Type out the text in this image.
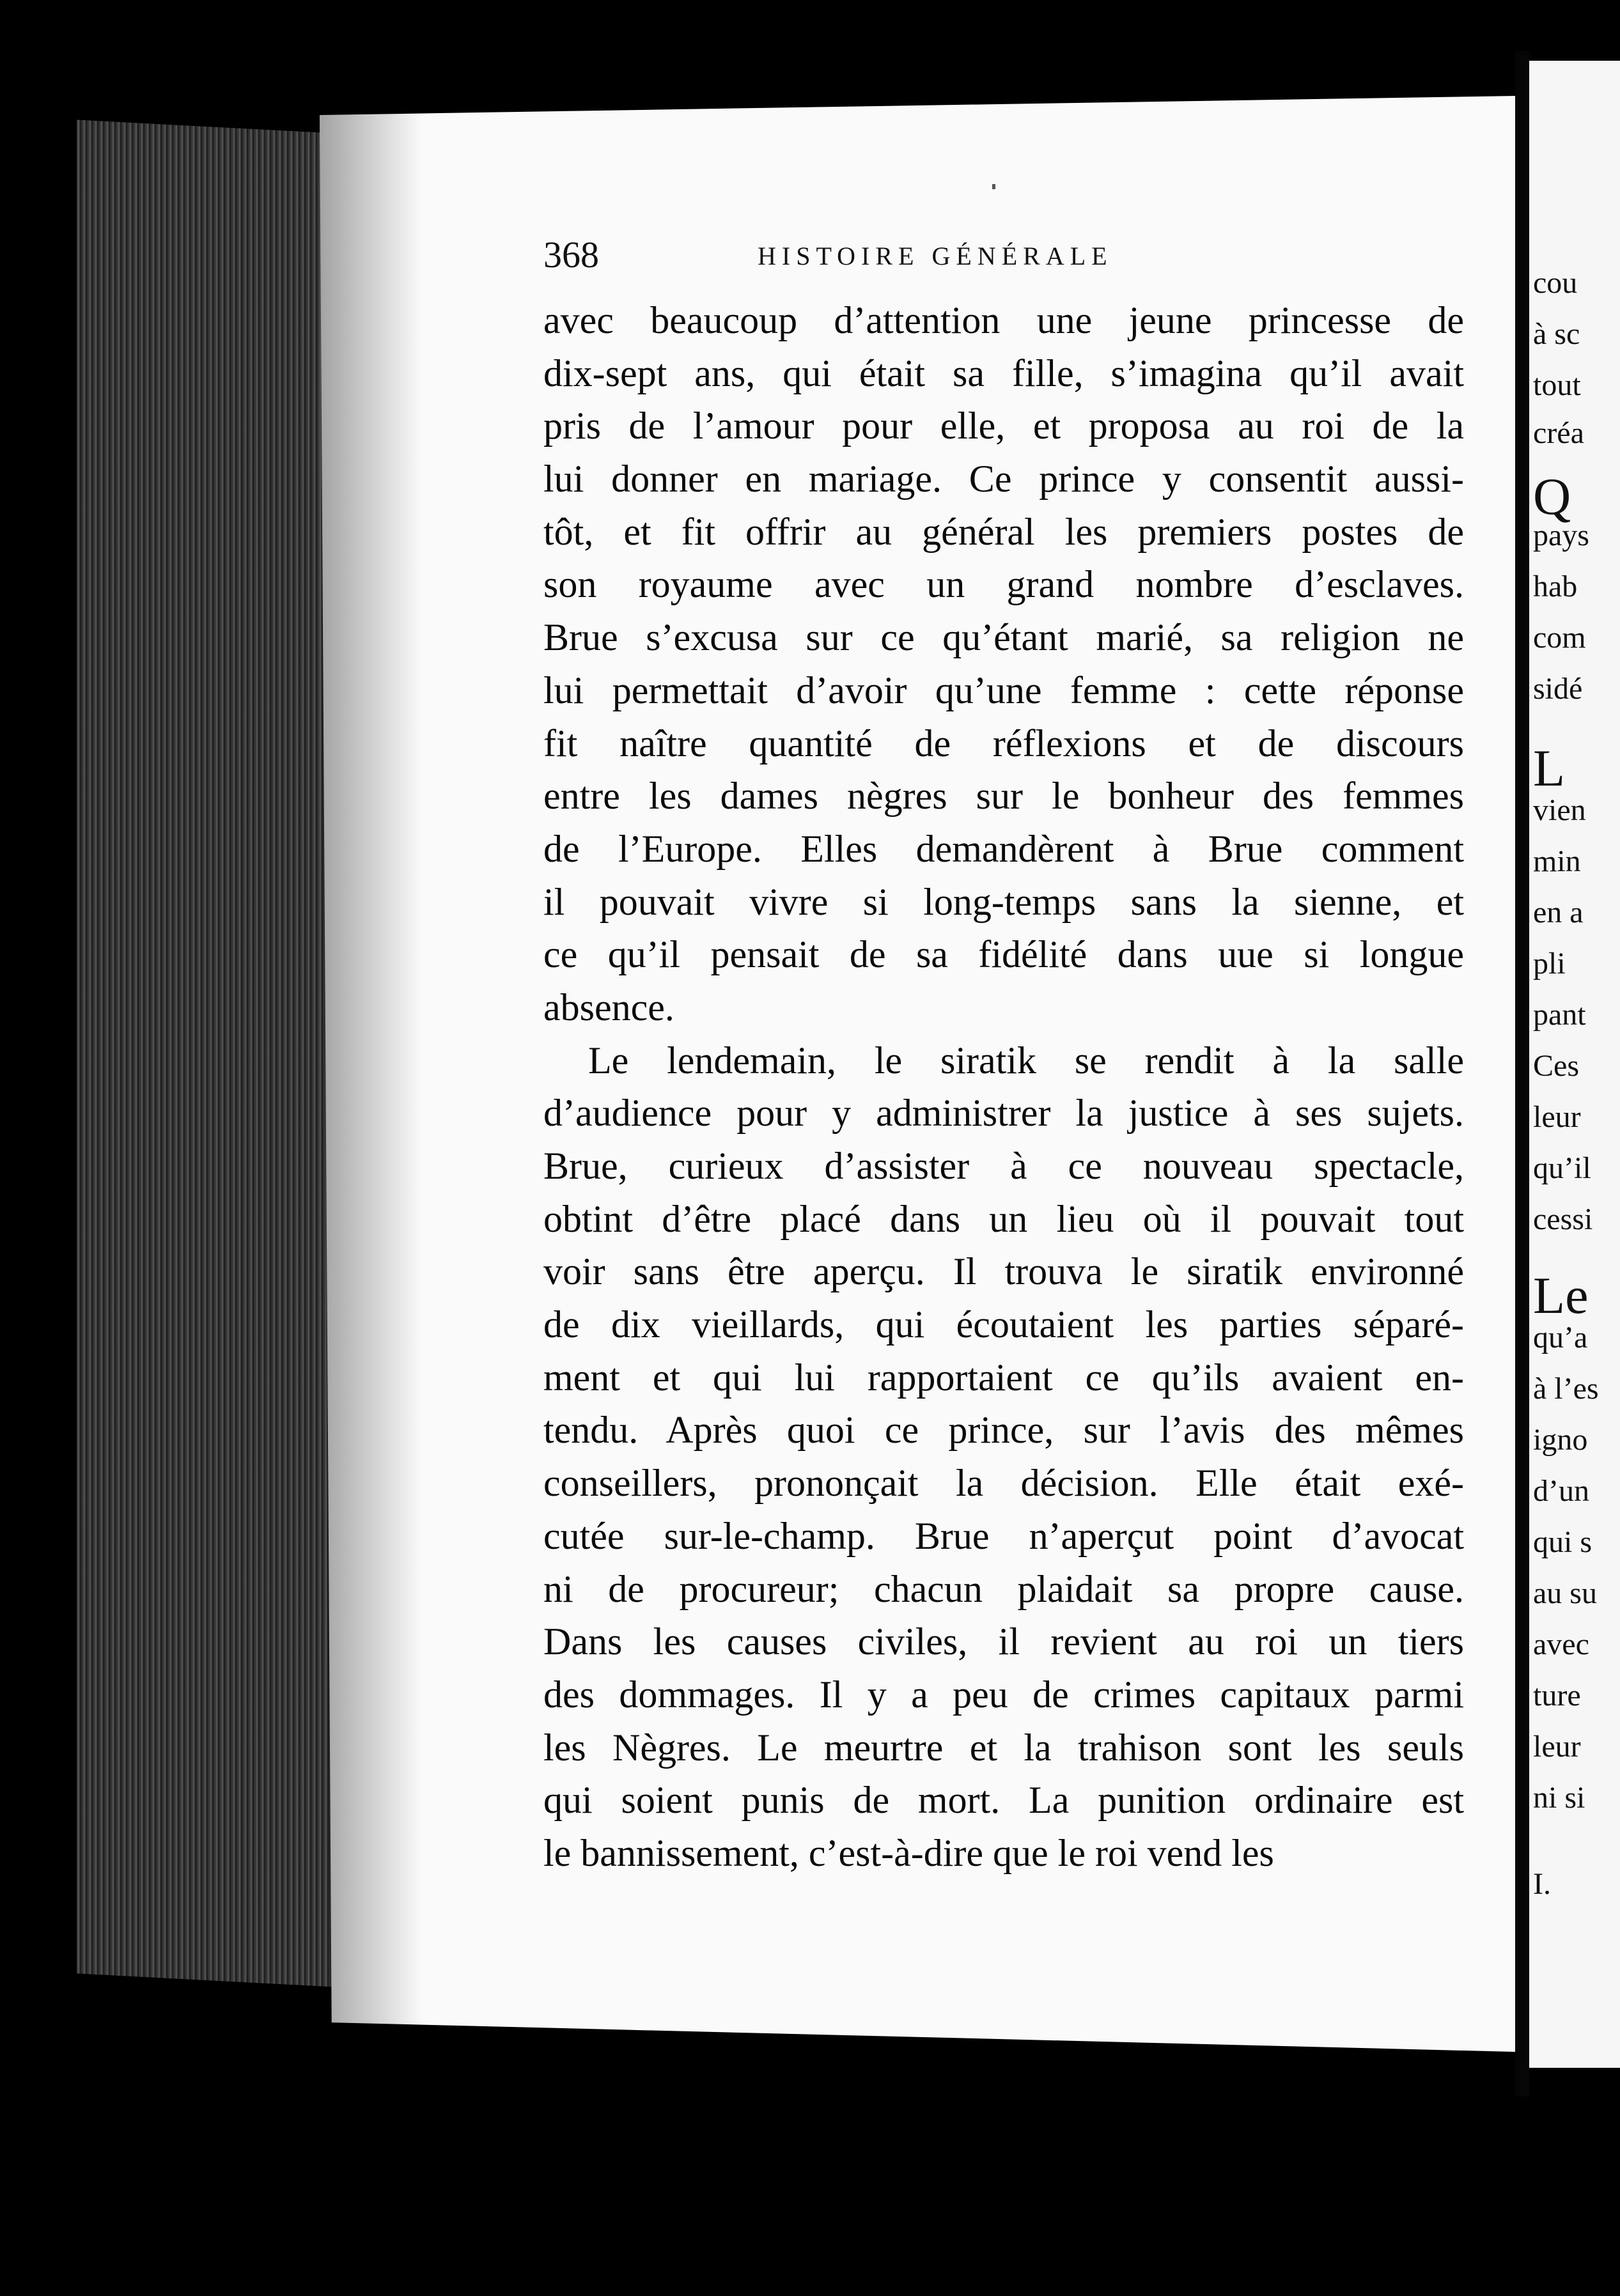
cou
à sc
tout
créa
Q
pays
hab
com
sidé
L
vien
min
en a
pli
pant
Ces
leur
qu’il
cessi
Le
qu’a
à l’es
igno
d’un
qui s
au su
avec
ture
leur
ni si
I.
368	HISTOIRE GÉNÉRALE
avec beaucoup d’attention une jeune princesse de
dix-sept ans, qui était sa fille, s’imagina qu’il avait
pris de l’amour pour elle, et proposa au roi de la
lui donner en mariage. Ce prince y consentit aussi-
tôt, et fit offrir au général les premiers postes de
son royaume avec un grand nombre d’esclaves.
Brue s’excusa sur ce qu’étant marié, sa religion ne
lui permettait d’avoir qu’une femme : cette réponse
fit naître quantité de réflexions et de discours
entre les dames nègres sur le bonheur des femmes
de l’Europe. Elles demandèrent à Brue comment
il pouvait vivre si long-temps sans la sienne, et
ce qu’il pensait de sa fidélité dans uue si longue
absence.
Le lendemain, le siratik se rendit à la salle
d’audience pour y administrer la justice à ses sujets.
Brue, curieux d’assister à ce nouveau spectacle,
obtint d’être placé dans un lieu où il pouvait tout
voir sans être aperçu. Il trouva le siratik environné
de dix vieillards, qui écoutaient les parties séparé-
ment et qui lui rapportaient ce qu’ils avaient en-
tendu. Après quoi ce prince, sur l’avis des mêmes
conseillers, prononçait la décision. Elle était exé-
cutée sur-le-champ. Brue n’aperçut point d’avocat
ni de procureur; chacun plaidait sa propre cause.
Dans les causes civiles, il revient au roi un tiers
des dommages. Il y a peu de crimes capitaux parmi
les Nègres. Le meurtre et la trahison sont les seuls
qui soient punis de mort. La punition ordinaire est
le bannissement, c’est-à-dire que le roi vend les
